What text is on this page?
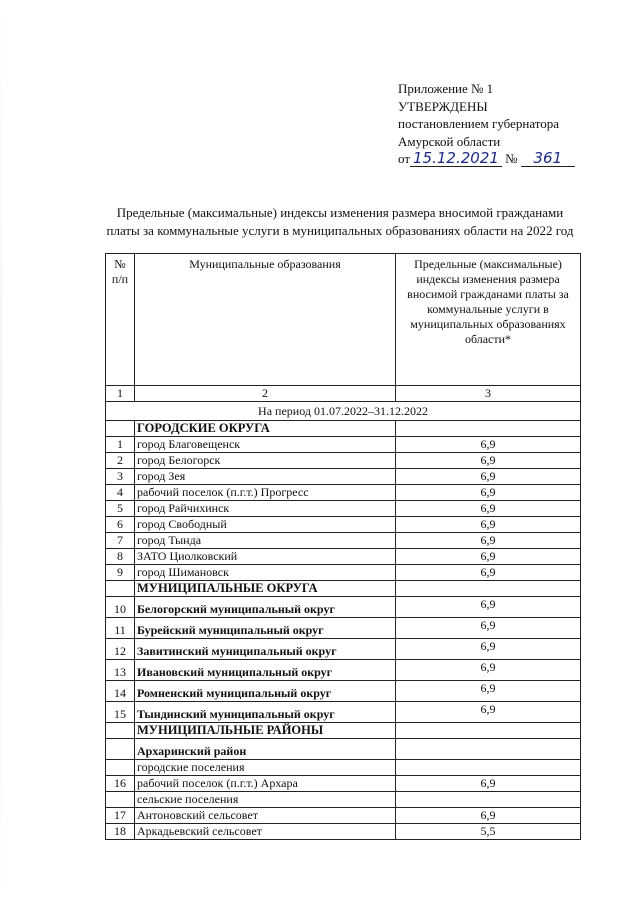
Приложение № 1
УТВЕРЖДЕНЫ
постановлением губернатора
Амурской области
от 15.12.2021 № 361
Предельные (максимальные) индексы изменения размера вносимой гражданами
платы за коммунальные услуги в муниципальных образованиях области на 2022 год
№ п/п	Муниципальные образования	Предельные (максимальные) индексы изменения размера вносимой гражданами платы за коммунальные услуги в муниципальных образованиях области*
1	2	3
На период 01.07.2022–31.12.2022		
	ГОРОДСКИЕ ОКРУГА	
1	город Благовещенск	6,9
2	город Белогорск	6,9
3	город Зея	6,9
4	рабочий поселок (п.г.т.) Прогресс	6,9
5	город Райчихинск	6,9
6	город Свободный	6,9
7	город Тында	6,9
8	ЗАТО Циолковский	6,9
9	город Шимановск	6,9
	МУНИЦИПАЛЬНЫЕ ОКРУГА	
10	Белогорский муниципальный округ	6,9
11	Бурейский муниципальный округ	6,9
12	Завитинский муниципальный округ	6,9
13	Ивановский муниципальный округ	6,9
14	Ромненский муниципальный округ	6,9
15	Тындинский муниципальный округ	6,9
	МУНИЦИПАЛЬНЫЕ РАЙОНЫ	
	Архаринский район	
	городские поселения	
16	рабочий поселок (п.г.т.) Архара	6,9
	сельские поселения	
17	Антоновский сельсовет	6,9
18	Аркадьевский сельсовет	5,5
